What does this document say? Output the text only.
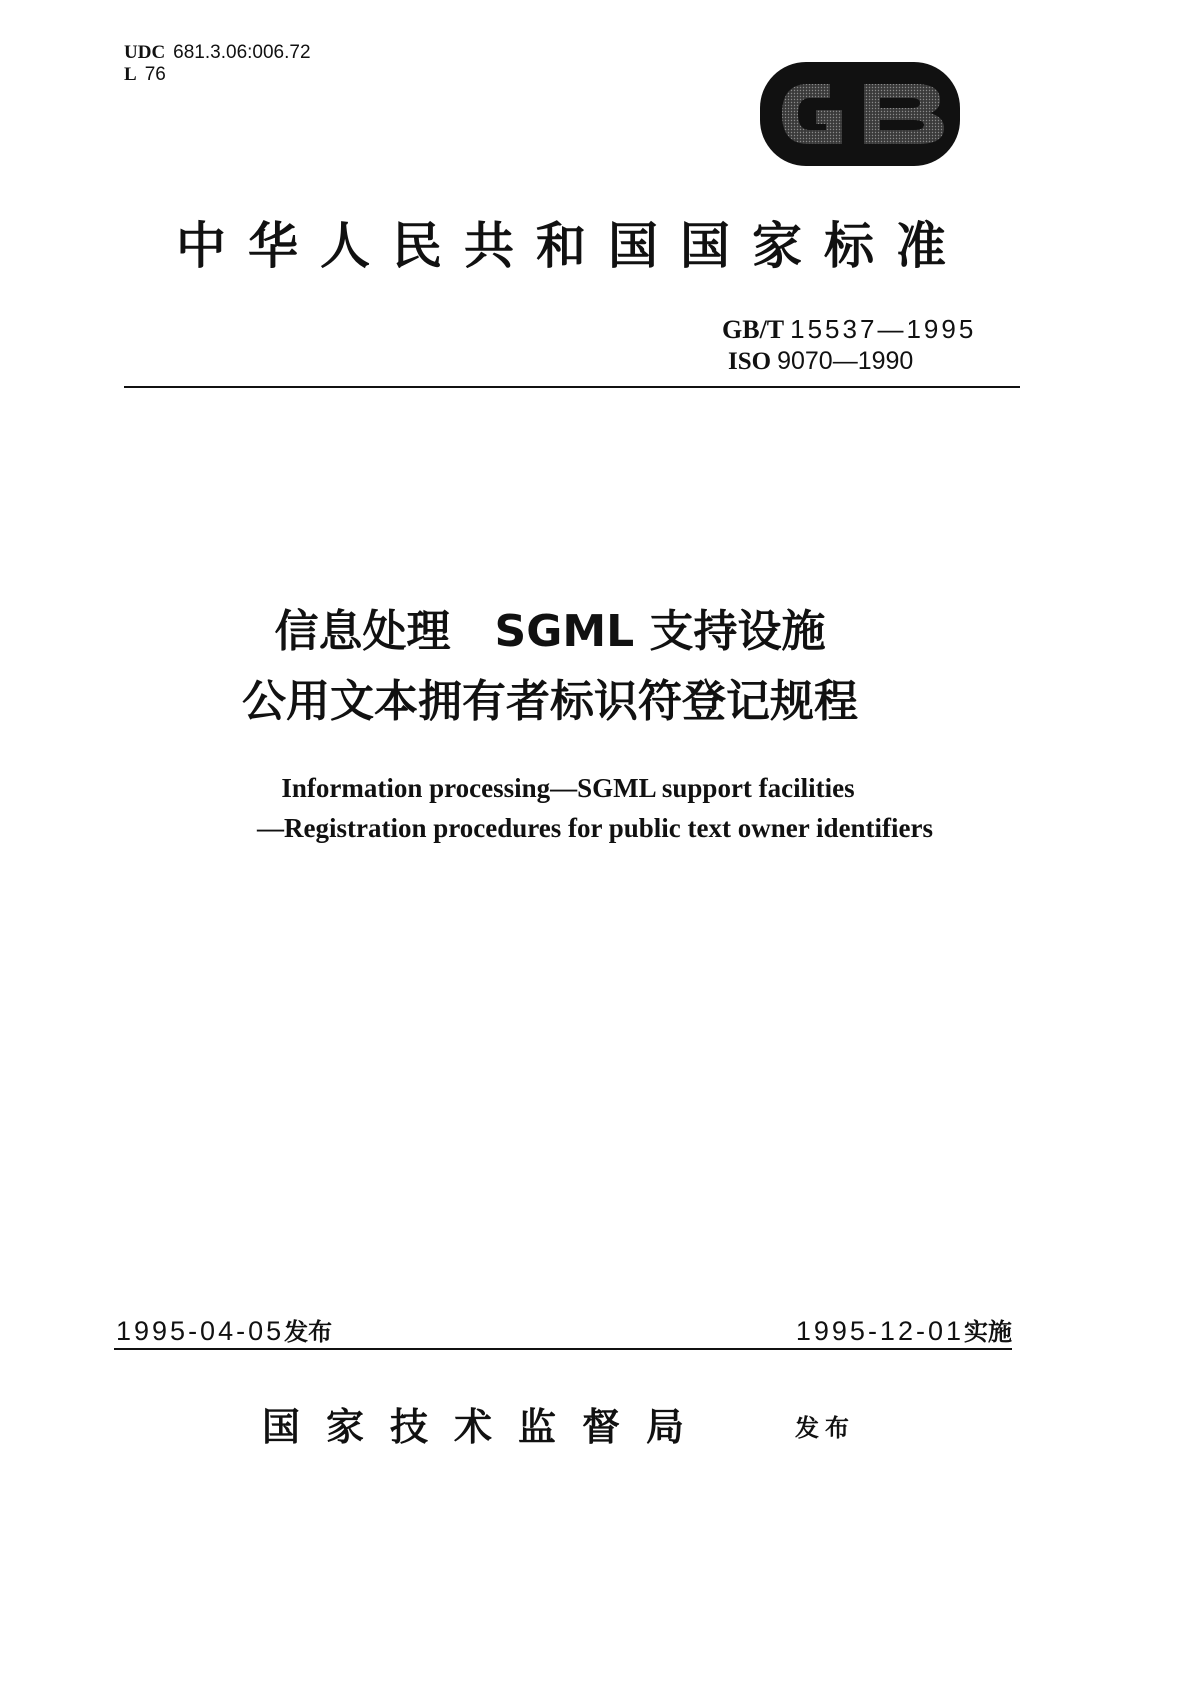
UDC 681.3.06:006.72
L 76
GB
中华人民共和国国家标准
GB/T 15537—1995
ISO 9070—1990
信息处理　SGML 支持设施
公用文本拥有者标识符登记规程
Information processing—SGML support facilities
—Registration procedures for public text owner identifiers
1995-04-05发布	1995-12-01实施
国家技术监督局	发布
